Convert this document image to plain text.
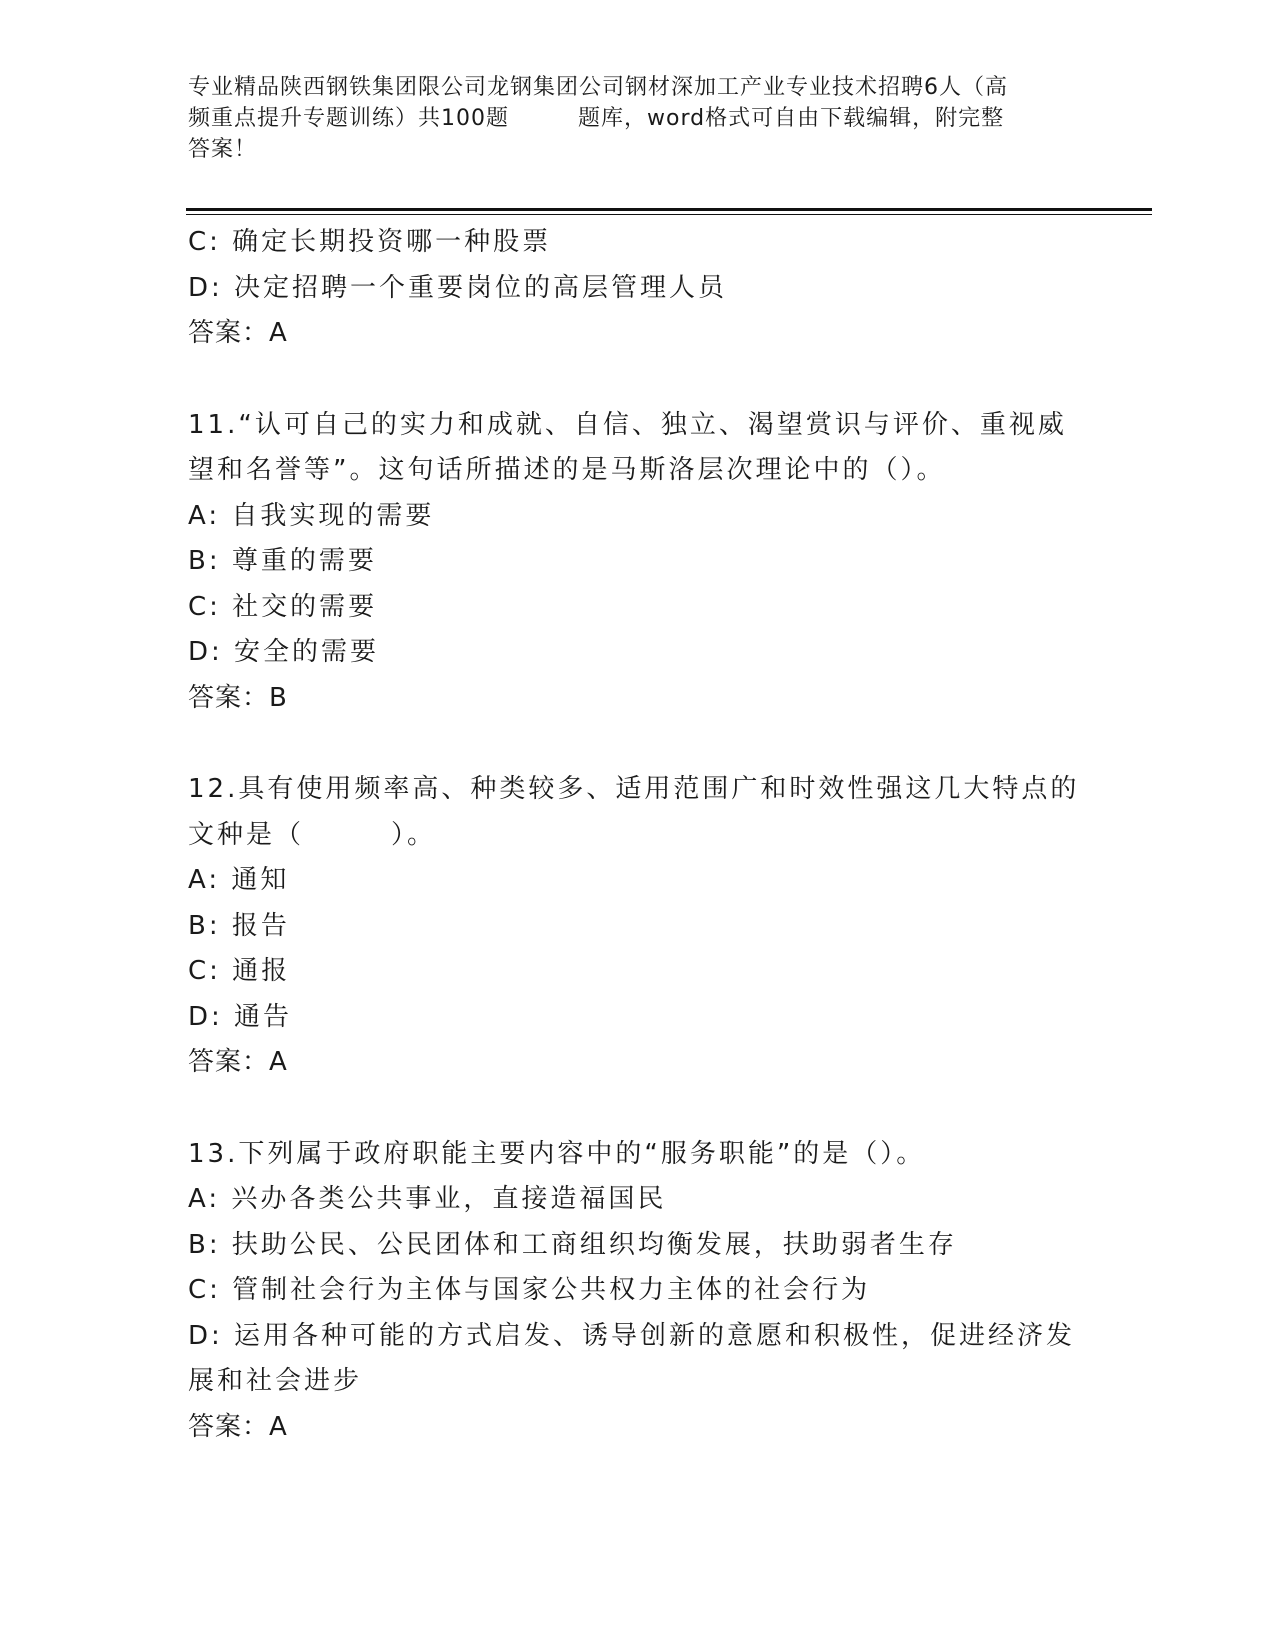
专业精品陕西钢铁集团限公司龙钢集团公司钢材深加工产业专业技术招聘6人（高
频重点提升专题训练）共100题　　　题库，word格式可自由下载编辑，附完整
答案！
C: 确定长期投资哪一种股票
D: 决定招聘一个重要岗位的高层管理人员
答案：A
11.“认可自己的实力和成就、自信、独立、渴望赏识与评价、重视威
望和名誉等”。这句话所描述的是马斯洛层次理论中的（）。
A: 自我实现的需要
B: 尊重的需要
C: 社交的需要
D: 安全的需要
答案：B
12.具有使用频率高、种类较多、适用范围广和时效性强这几大特点的
文种是（　　　）。
A: 通知
B: 报告
C: 通报
D: 通告
答案：A
13.下列属于政府职能主要内容中的“服务职能”的是（）。
A: 兴办各类公共事业，直接造福国民
B: 扶助公民、公民团体和工商组织均衡发展，扶助弱者生存
C: 管制社会行为主体与国家公共权力主体的社会行为
D: 运用各种可能的方式启发、诱导创新的意愿和积极性，促进经济发
展和社会进步
答案：A
